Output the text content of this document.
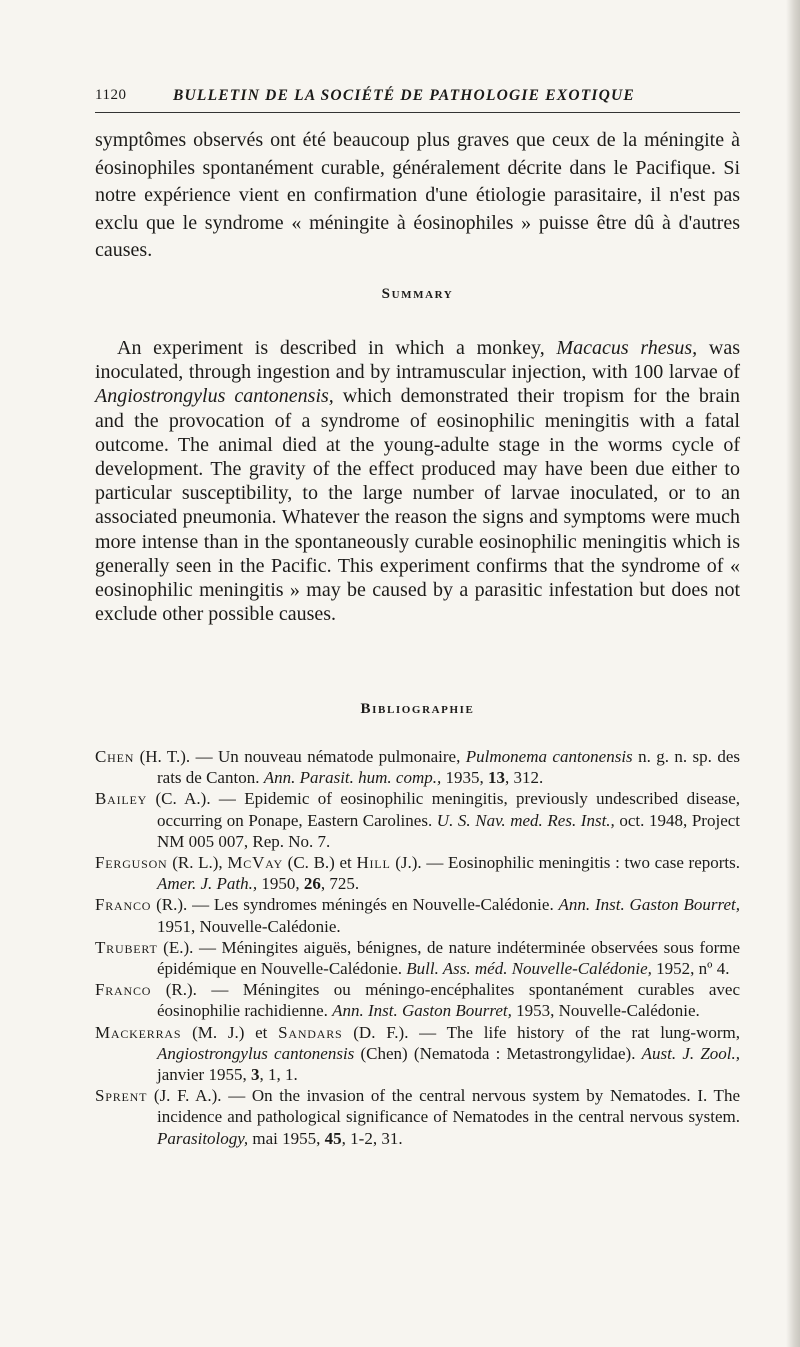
1120	BULLETIN DE LA SOCIÉTÉ DE PATHOLOGIE EXOTIQUE

symptômes observés ont été beaucoup plus graves que ceux de la méningite à éosinophiles spontanément curable, généralement décrite dans le Pacifique. Si notre expérience vient en confirmation d'une étiologie parasitaire, il n'est pas exclu que le syndrome « méningite à éosinophiles » puisse être dû à d'autres causes.

Summary

An experiment is described in which a monkey, Macacus rhesus, was inoculated, through ingestion and by intramuscular injection, with 100 larvae of Angiostrongylus cantonensis, which demonstrated their tropism for the brain and the provocation of a syndrome of eosinophilic meningitis with a fatal outcome. The animal died at the young-adulte stage in the worms cycle of development. The gravity of the effect produced may have been due either to particular susceptibility, to the large number of larvae inoculated, or to an associated pneumonia. Whatever the reason the signs and symptoms were much more intense than in the spontaneously curable eosinophilic meningitis which is generally seen in the Pacific. This experiment confirms that the syndrome of « eosinophilic meningitis » may be caused by a parasitic infestation but does not exclude other possible causes.

Bibliographie
Chen (H. T.). — Un nouveau nématode pulmonaire, Pulmonema cantonensis n. g. n. sp. des rats de Canton. Ann. Parasit. hum. comp., 1935, 13, 312.
Bailey (C. A.). — Epidemic of eosinophilic meningitis, previously undescribed disease, occurring on Ponape, Eastern Carolines. U. S. Nav. med. Res. Inst., oct. 1948, Project NM 005 007, Rep. No. 7.
Ferguson (R. L.), McVay (C. B.) et Hill (J.). — Eosinophilic meningitis : two case reports. Amer. J. Path., 1950, 26, 725.
Franco (R.). — Les syndromes méningés en Nouvelle-Calédonie. Ann. Inst. Gaston Bourret, 1951, Nouvelle-Calédonie.
Trubert (E.). — Méningites aiguës, bénignes, de nature indéterminée observées sous forme épidémique en Nouvelle-Calédonie. Bull. Ass. méd. Nouvelle-Calédonie, 1952, nº 4.
Franco (R.). — Méningites ou méningo-encéphalites spontanément curables avec éosinophilie rachidienne. Ann. Inst. Gaston Bourret, 1953, Nouvelle-Calédonie.
Mackerras (M. J.) et Sandars (D. F.). — The life history of the rat lung-worm, Angiostrongylus cantonensis (Chen) (Nematoda : Metastrongylidae). Aust. J. Zool., janvier 1955, 3, 1, 1.
Sprent (J. F. A.). — On the invasion of the central nervous system by Nematodes. I. The incidence and pathological significance of Nematodes in the central nervous system. Parasitology, mai 1955, 45, 1-2, 31.
